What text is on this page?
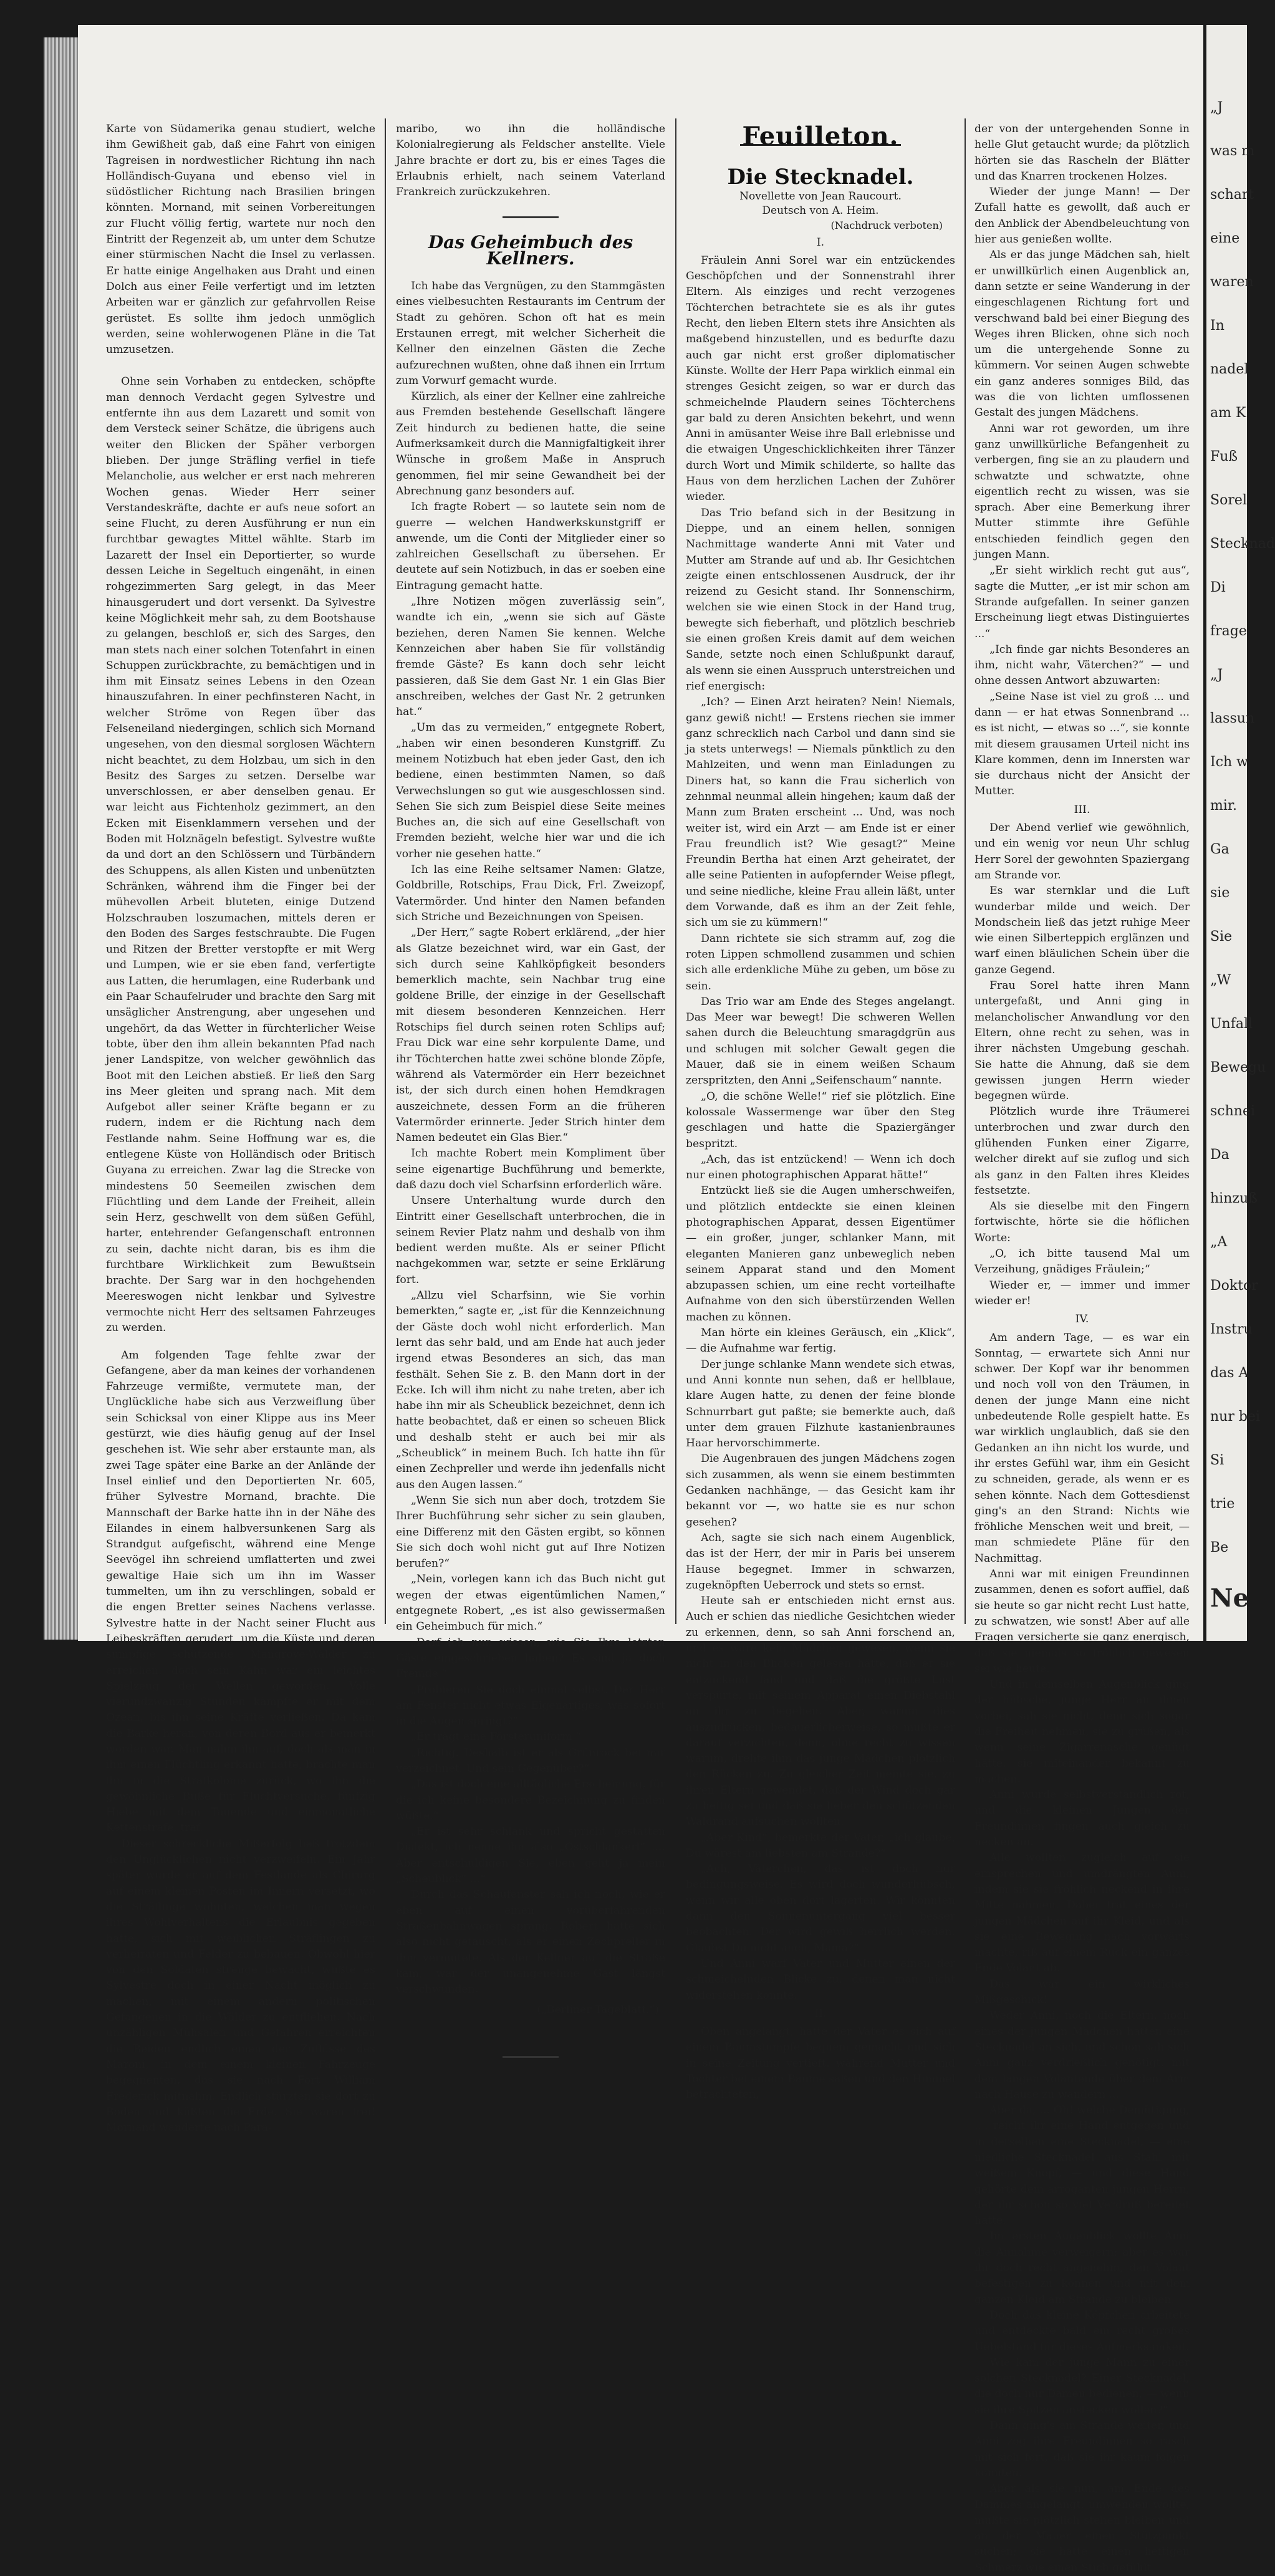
Karte von Südamerika genau studiert, welche ihm Gewißheit gab, daß eine Fahrt von einigen Tagreisen in nordwestlicher Richtung ihn nach Holländisch-Guyana und ebenso viel in südöstlicher Richtung nach Brasilien bringen könnten. Mornand, mit seinen Vorbereitungen zur Flucht völlig fertig, wartete nur noch den Eintritt der Regenzeit ab, um unter dem Schutze einer stürmischen Nacht die Insel zu verlassen. Er hatte einige Angelhaken aus Draht und einen Dolch aus einer Feile verfertigt und im letzten Arbeiten war er gänzlich zur gefahrvollen Reise gerüstet. Es sollte ihm jedoch unmöglich werden, seine wohlerwogenen Pläne in die Tat umzusetzen.

Ohne sein Vorhaben zu entdecken, schöpfte man dennoch Verdacht gegen Sylvestre und entfernte ihn aus dem Lazarett und somit von dem Versteck seiner Schätze, die übrigens auch weiter den Blicken der Späher verborgen blieben. Der junge Sträfling verfiel in tiefe Melancholie, aus welcher er erst nach mehreren Wochen genas. Wieder Herr seiner Verstandeskräfte, dachte er aufs neue sofort an seine Flucht, zu deren Ausführung er nun ein furchtbar gewagtes Mittel wählte. Starb im Lazarett der Insel ein Deportierter, so wurde dessen Leiche in Segeltuch eingenäht, in einen rohgezimmerten Sarg gelegt, in das Meer hinausgerudert und dort versenkt. Da Sylvestre keine Möglichkeit mehr sah, zu dem Bootshause zu gelangen, beschloß er, sich des Sarges, den man stets nach einer solchen Totenfahrt in einen Schuppen zurückbrachte, zu bemächtigen und in ihm mit Einsatz seines Lebens in den Ozean hinauszufahren. In einer pechfinsteren Nacht, in welcher Ströme von Regen über das Felseneiland niedergingen, schlich sich Mornand ungesehen, von den diesmal sorglosen Wächtern nicht beachtet, zu dem Holzbau, um sich in den Besitz des Sarges zu setzen. Derselbe war unverschlossen, er aber denselben genau. Er war leicht aus Fichtenholz gezimmert, an den Ecken mit Eisenklammern versehen und der Boden mit Holznägeln befestigt. Sylvestre wußte da und dort an den Schlössern und Türbändern des Schuppens, als allen Kisten und unbenützten Schränken, während ihm die Finger bei der mühevollen Arbeit bluteten, einige Dutzend Holzschrauben loszumachen, mittels deren er den Boden des Sarges festschraubte. Die Fugen und Ritzen der Bretter verstopfte er mit Werg und Lumpen, wie er sie eben fand, verfertigte aus Latten, die herumlagen, eine Ruderbank und ein Paar Schaufelruder und brachte den Sarg mit unsäglicher Anstrengung, aber ungesehen und ungehört, da das Wetter in fürchterlicher Weise tobte, über den ihm allein bekannten Pfad nach jener Landspitze, von welcher gewöhnlich das Boot mit den Leichen abstieß. Er ließ den Sarg ins Meer gleiten und sprang nach. Mit dem Aufgebot aller seiner Kräfte begann er zu rudern, indem er die Richtung nach dem Festlande nahm. Seine Hoffnung war es, die entlegene Küste von Holländisch oder Britisch Guyana zu erreichen. Zwar lag die Strecke von mindestens 50 Seemeilen zwischen dem Flüchtling und dem Lande der Freiheit, allein sein Herz, geschwellt von dem süßen Gefühl, harter, entehrender Gefangenschaft entronnen zu sein, dachte nicht daran, bis es ihm die furchtbare Wirklichkeit zum Bewußtsein brachte. Der Sarg war in den hochgehenden Meereswogen nicht lenkbar und Sylvestre vermochte nicht Herr des seltsamen Fahrzeuges zu werden.

Am folgenden Tage fehlte zwar der Gefangene, aber da man keines der vorhandenen Fahrzeuge vermißte, vermutete man, der Unglückliche habe sich aus Verzweiflung über sein Schicksal von einer Klippe aus ins Meer gestürzt, wie dies häufig genug auf der Insel geschehen ist. Wie sehr aber erstaunte man, als zwei Tage später eine Barke an der Anlände der Insel einlief und den Deportierten Nr. 605, früher Sylvestre Mornand, brachte. Die Mannschaft der Barke hatte ihn in der Nähe des Eilandes in einem halbversunkenen Sarg als Strandgut aufgefischt, während eine Menge Seevögel ihn schreiend umflatterten und zwei gewaltige Haie sich um ihn im Wasser tummelten, um ihn zu verschlingen, sobald er die engen Bretter seines Nachens verlasse. Sylvestre hatte in der Nacht seiner Flucht aus Leibeskräften gerudert, um die Küste und deren sumpfige schützende Mangrove-Wälder zu erreichen, doch sein Kahn war ein leichtes Spielzeug der Wellen geworden. Volle vierundzwanzig Stunden kämpfte er mit dem Ozean, bis ihn seine Kräfte verließen. Da kam die Barke heran, von deren Bord aus er bemerkt worden war. Man nahm ihn auf, doch als man in ihm einen Flüchtling erkannt hatte, brachte man ihn in die Strafkolonie zurück, wo ihn die gewöhnliche Buße für Fluchtversuche, fünfzig Hiebe mit dem Tauende und einmonatliche Kettenstrafe, traf.

Dieser schreckliche Mißerfolg ließ trotzdem den Unglücklichen nicht verzweifeln. Ein Jahr später wurde er auf dem Festlande als Chirurg auf einem kleinen Posten im Innern versetzt, wo die Sträflinge wohnten, welchen man wegen ihres Wohlverhaltens die Erlaubnis gegeben hatte, sich mit weiblichen Sträflingen zu verheiraten und Felder zu bebauen. Obwohl hier von den Soldaten strenge bewacht, wußte es Sylvestre doch in einer Nacht möglich zu machen, mit einem andern politischen Gefangenen in die Wälder zu entfliehen. Nach unzähligen Mühsalen und Gefahren erreichten die Beiden endlich einen der Zuflüsse des Maroni, in dem einem kleinen Fahrzeuge begegnenten, das sie nach Fort William Frederick mitnahm. Endlich stürzten sie dort zu Boden und küßten die Erde. Sie waren frei! Mornand wanderte nach Para-

maribo, wo ihn die holländische Kolonialregierung als Feldscher anstellte. Viele Jahre brachte er dort zu, bis er eines Tages die Erlaubnis erhielt, nach seinem Vaterland Frankreich zurückzukehren.

Das Geheimbuch des Kellners.

Ich habe das Vergnügen, zu den Stammgästen eines vielbesuchten Restaurants im Centrum der Stadt zu gehören. Schon oft hat es mein Erstaunen erregt, mit welcher Sicherheit die Kellner den einzelnen Gästen die Zeche aufzurechnen wußten, ohne daß ihnen ein Irrtum zum Vorwurf gemacht wurde.

Kürzlich, als einer der Kellner eine zahlreiche aus Fremden bestehende Gesellschaft längere Zeit hindurch zu bedienen hatte, die seine Aufmerksamkeit durch die Mannigfaltigkeit ihrer Wünsche in großem Maße in Anspruch genommen, fiel mir seine Gewandheit bei der Abrechnung ganz besonders auf.

Ich fragte Robert — so lautete sein nom de guerre — welchen Handwerkskunstgriff er anwende, um die Conti der Mitglieder einer so zahlreichen Gesellschaft zu übersehen. Er deutete auf sein Notizbuch, in das er soeben eine Eintragung gemacht hatte.

„Ihre Notizen mögen zuverlässig sein“, wandte ich ein, „wenn sie sich auf Gäste beziehen, deren Namen Sie kennen. Welche Kennzeichen aber haben Sie für vollständig fremde Gäste? Es kann doch sehr leicht passieren, daß Sie dem Gast Nr. 1 ein Glas Bier anschreiben, welches der Gast Nr. 2 getrunken hat.“

„Um das zu vermeiden,“ entgegnete Robert, „haben wir einen besonderen Kunstgriff. Zu meinem Notizbuch hat eben jeder Gast, den ich bediene, einen bestimmten Namen, so daß Verwechslungen so gut wie ausgeschlossen sind. Sehen Sie sich zum Beispiel diese Seite meines Buches an, die sich auf eine Gesellschaft von Fremden bezieht, welche hier war und die ich vorher nie gesehen hatte.“

Ich las eine Reihe seltsamer Namen: Glatze, Goldbrille, Rotschips, Frau Dick, Frl. Zweizopf, Vatermörder. Und hinter den Namen befanden sich Striche und Bezeichnungen von Speisen.

„Der Herr,“ sagte Robert erklärend, „der hier als Glatze bezeichnet wird, war ein Gast, der sich durch seine Kahlköpfigkeit besonders bemerklich machte, sein Nachbar trug eine goldene Brille, der einzige in der Gesellschaft mit diesem besonderen Kennzeichen. Herr Rotschips fiel durch seinen roten Schlips auf; Frau Dick war eine sehr korpulente Dame, und ihr Töchterchen hatte zwei schöne blonde Zöpfe, während als Vatermörder ein Herr bezeichnet ist, der sich durch einen hohen Hemdkragen auszeichnete, dessen Form an die früheren Vatermörder erinnerte. Jeder Strich hinter dem Namen bedeutet ein Glas Bier.“

Ich machte Robert mein Kompliment über seine eigenartige Buchführung und bemerkte, daß dazu doch viel Scharfsinn erforderlich wäre.

Unsere Unterhaltung wurde durch den Eintritt einer Gesellschaft unterbrochen, die in seinem Revier Platz nahm und deshalb von ihm bedient werden mußte. Als er seiner Pflicht nachgekommen war, setzte er seine Erklärung fort.

„Allzu viel Scharfsinn, wie Sie vorhin bemerkten,“ sagte er, „ist für die Kennzeichnung der Gäste doch wohl nicht erforderlich. Man lernt das sehr bald, und am Ende hat auch jeder irgend etwas Besonderes an sich, das man festhält. Sehen Sie z. B. den Mann dort in der Ecke. Ich will ihm nicht zu nahe treten, aber ich habe ihn mir als Scheublick bezeichnet, denn ich hatte beobachtet, daß er einen so scheuen Blick und deshalb steht er auch bei mir als „Scheublick“ in meinem Buch. Ich hatte ihn für einen Zechpreller und werde ihn jedenfalls nicht aus den Augen lassen.“

„Wenn Sie sich nun aber doch, trotzdem Sie Ihrer Buchführung sehr sicher zu sein glauben, eine Differenz mit den Gästen ergibt, so können Sie sich doch wohl nicht gut auf Ihre Notizen berufen?“

„Nein, vorlegen kann ich das Buch nicht gut wegen der etwas eigentümlichen Namen,“ entgegnete Robert, „es ist also gewissermaßen ein Geheimbuch für mich.“

„Darf ich nun wissen, wie Sie Ihre letzten Gäste eingeschrieben haben? Es sind ja doch Fremde.“

„Probieren Sie doch einmal selbst. Der Herr am Fenster nicht etwas Eigenartiges, was sofort in die Augen springt?“

„Er trägt eine Försteruniform.“

„Richtig. Deshalb ist er als Grünrock bei mir verzeichnet. Und sein Gegenüber?“

„Das ist doch eine alltägliche Erscheinung, für die ich keine besondere Bezeichnung zu finden wüßte.“

„Er ist sehr schlank und spricht gestatten Dialekt, ich nenne ihn also „Ostschlankerl“ .... Aber entschuldigen Sie, eben geht ja mein „Scheublick“ ...“

Durch das Schaufenster sah ich noch, wie er eben auf einen vorüberfahrenden Straßenbahnwagen sprang. Robert hatte sich also nicht getäuscht, als er einen Zechpreller in ihm vermutete. Als der Kellner auf die Straße kam, war der unangenehme Gast längst verschwunden.

(„Berliner Tageblatt.“)
Feuilleton.
Die Stecknadel.
Novellette von Jean Raucourt.
Deutsch von A. Heim.
(Nachdruck verboten)
I.

Fräulein Anni Sorel war ein entzückendes Geschöpfchen und der Sonnenstrahl ihrer Eltern. Als einziges und recht verzogenes Töchterchen betrachtete sie es als ihr gutes Recht, den lieben Eltern stets ihre Ansichten als maßgebend hinzustellen, und es bedurfte dazu auch gar nicht erst großer diplomatischer Künste. Wollte der Herr Papa wirklich einmal ein strenges Gesicht zeigen, so war er durch das schmeichelnde Plaudern seines Töchterchens gar bald zu deren Ansichten bekehrt, und wenn Anni in amüsanter Weise ihre Ball erlebnisse und die etwaigen Ungeschicklichkeiten ihrer Tänzer durch Wort und Mimik schilderte, so hallte das Haus von dem herzlichen Lachen der Zuhörer wieder.

Das Trio befand sich in der Besitzung in Dieppe, und an einem hellen, sonnigen Nachmittage wanderte Anni mit Vater und Mutter am Strande auf und ab. Ihr Gesichtchen zeigte einen entschlossenen Ausdruck, der ihr reizend zu Gesicht stand. Ihr Sonnenschirm, welchen sie wie einen Stock in der Hand trug, bewegte sich fieberhaft, und plötzlich beschrieb sie einen großen Kreis damit auf dem weichen Sande, setzte noch einen Schlußpunkt darauf, als wenn sie einen Ausspruch unterstreichen und rief energisch:

„Ich? — Einen Arzt heiraten? Nein! Niemals, ganz gewiß nicht! — Erstens riechen sie immer ganz schrecklich nach Carbol und dann sind sie ja stets unterwegs! — Niemals pünktlich zu den Mahlzeiten, und wenn man Einladungen zu Diners hat, so kann die Frau sicherlich von zehnmal neunmal allein hingehen; kaum daß der Mann zum Braten erscheint ... Und, was noch weiter ist, wird ein Arzt — am Ende ist er einer Frau freundlich ist? Wie gesagt?“ Meine Freundin Bertha hat einen Arzt geheiratet, der alle seine Patienten in aufopfernder Weise pflegt, und seine niedliche, kleine Frau allein läßt, unter dem Vorwande, daß es ihm an der Zeit fehle, sich um sie zu kümmern!“

Dann richtete sie sich stramm auf, zog die roten Lippen schmollend zusammen und schien sich alle erdenkliche Mühe zu geben, um böse zu sein.

Das Trio war am Ende des Steges angelangt. Das Meer war bewegt! Die schweren Wellen sahen durch die Beleuchtung smaragdgrün aus und schlugen mit solcher Gewalt gegen die Mauer, daß sie in einem weißen Schaum zerspritzten, den Anni „Seifenschaum“ nannte.

„O, die schöne Welle!“ rief sie plötzlich. Eine kolossale Wassermenge war über den Steg geschlagen und hatte die Spaziergänger bespritzt.

„Ach, das ist entzückend! — Wenn ich doch nur einen photographischen Apparat hätte!“

Entzückt ließ sie die Augen umherschweifen, und plötzlich entdeckte sie einen kleinen photographischen Apparat, dessen Eigentümer — ein großer, junger, schlanker Mann, mit eleganten Manieren ganz unbeweglich neben seinem Apparat stand und den Moment abzupassen schien, um eine recht vorteilhafte Aufnahme von den sich überstürzenden Wellen machen zu können.

Man hörte ein kleines Geräusch, ein „Klick“, — die Aufnahme war fertig.

Der junge schlanke Mann wendete sich etwas, und Anni konnte nun sehen, daß er hellblaue, klare Augen hatte, zu denen der feine blonde Schnurrbart gut paßte; sie bemerkte auch, daß unter dem grauen Filzhute kastanienbraunes Haar hervorschimmerte.

Die Augenbrauen des jungen Mädchens zogen sich zusammen, als wenn sie einem bestimmten Gedanken nachhänge, — das Gesicht kam ihr bekannt vor —, wo hatte sie es nur schon gesehen?

Ach, sagte sie sich nach einem Augenblick, das ist der Herr, der mir in Paris bei unserem Hause begegnet. Immer in schwarzen, zugeknöpften Ueberrock und stets so ernst.

Heute sah er entschieden nicht ernst aus. Auch er schien das niedliche Gesichtchen wieder zu erkennen, denn, so sah Anni forschend an, und es wäre kein Mädchen gewesen, wenn sie nicht in den Blicken gelesen hätte, daß er sie entzückend fand und daß die größte Lust verspürte, mit seinem Apparat einen Diebstahl an ihr zu begehen. Aber, warum dies auszudrücken, bedauerlicherweise, so mußte er darauf verzichten, denn, ohne recht zu wissen warum, drehte ihm das junge Mädchen plötzlich den Rücken zu. Zu gleicher Zeit meinte sie, zu ihren Eltern gewendet, daß der Wind doch gar zu heftig sei und daß sie lieber den schützenden Waldrand aufsuchen wollten.

„Aber Kind“, bemerkte der Vater, „ich glaube, Du wärest am liebsten am Strande?“

„Ach, Väterchen, das ist doch nur bedingungsweise. Es wird doch wunderhübsch, wenn wir alle oben dort lagerten. Wir könnten dann den Sonnenuntergang viel besser beobachten. Der wird gewiß herrlich werden. Glaubst Du nicht auch, Mama?“

Und Anni warf Vater und Mutter einen der schmeichelnden Blicke zu, denen man nicht widerstehen konnte.

II.

Oben angelangt, hatte der Vater es sich auf einem Baumstumpfe bequem gemacht und sich in seine Zeitung vertieft, während Mutter und Tochter bei einem Baume saßen und den Himmel betrachteten,

der von der untergehenden Sonne in helle Glut getaucht wurde; da plötzlich hörten sie das Rascheln der Blätter und das Knarren trockenen Holzes.

Wieder der junge Mann! — Der Zufall hatte es gewollt, daß auch er den Anblick der Abendbeleuchtung von hier aus genießen wollte.

Als er das junge Mädchen sah, hielt er unwillkürlich einen Augenblick an, dann setzte er seine Wanderung in der eingeschlagenen Richtung fort und verschwand bald bei einer Biegung des Weges ihren Blicken, ohne sich noch um die untergehende Sonne zu kümmern. Vor seinen Augen schwebte ein ganz anderes sonniges Bild, das was die von lichten umflossenen Gestalt des jungen Mädchens.

Anni war rot geworden, um ihre ganz unwillkürliche Befangenheit zu verbergen, fing sie an zu plaudern und schwatzte und schwatzte, ohne eigentlich recht zu wissen, was sie sprach. Aber eine Bemerkung ihrer Mutter stimmte ihre Gefühle entschieden feindlich gegen den jungen Mann.

„Er sieht wirklich recht gut aus“, sagte die Mutter, „er ist mir schon am Strande aufgefallen. In seiner ganzen Erscheinung liegt etwas Distinguiertes ...“

„Ich finde gar nichts Besonderes an ihm, nicht wahr, Väterchen?“ — und ohne dessen Antwort abzuwarten:

„Seine Nase ist viel zu groß ... und dann — er hat etwas Sonnenbrand ... es ist nicht, — etwas so ...“, sie konnte mit diesem grausamen Urteil nicht ins Klare kommen, denn im Innersten war sie durchaus nicht der Ansicht der Mutter.

III.

Der Abend verlief wie gewöhnlich, und ein wenig vor neun Uhr schlug Herr Sorel der gewohnten Spaziergang am Strande vor.

Es war sternklar und die Luft wunderbar milde und weich. Der Mondschein ließ das jetzt ruhige Meer wie einen Silberteppich erglänzen und warf einen bläulichen Schein über die ganze Gegend.

Frau Sorel hatte ihren Mann untergefaßt, und Anni ging in melancholischer Anwandlung vor den Eltern, ohne recht zu sehen, was in ihrer nächsten Umgebung geschah. Sie hatte die Ahnung, daß sie dem gewissen jungen Herrn wieder begegnen würde.

Plötzlich wurde ihre Träumerei unterbrochen und zwar durch den glühenden Funken einer Zigarre, welcher direkt auf sie zuflog und sich als ganz in den Falten ihres Kleides festsetzte.

Als sie dieselbe mit den Fingern fortwischte, hörte sie die höflichen Worte:

„O, ich bitte tausend Mal um Verzeihung, gnädiges Fräulein;“

Wieder er, — immer und immer wieder er!

IV.

Am andern Tage, — es war ein Sonntag, — erwartete sich Anni nur schwer. Der Kopf war ihr benommen und noch voll von den Träumen, in denen der junge Mann eine nicht unbedeutende Rolle gespielt hatte. Es war wirklich unglaublich, daß sie den Gedanken an ihn nicht los wurde, und ihr erstes Gefühl war, ihm ein Gesicht zu schneiden, gerade, als wenn er es sehen könnte. Nach dem Gottesdienst ging's an den Strand: Nichts wie fröhliche Menschen weit und breit, — man schmiedete Pläne für den Nachmittag.

Anni war mit einigen Freundinnen zusammen, denen es sofort auffiel, daß sie heute so gar nicht recht Lust hatte, zu schwatzen, wie sonst! Aber auf alle Fragen versicherte sie ganz energisch, daß sie niemals so fröhlich gewesen sei wie heute.

Und in demselben Augenblick ging der hübsche, junge Herr an ihnen vorbei, sah sie nicht, denn sich sogar die Freiheit nehmen, sie zu grüßen, als wenn seine Zigarrenasche genügt hätte, sie miteinander bekannt zu machen.

Anni wurde selbstverständlich rot, und die kleinen Jungen der Freundinnen fingen auch gleich zu necken an.

Alle wollten zugleich auf sie einsprechen und umdrängten Anni, indem sie sie fröhlich neckend in ihre Mitte nahmen. Dabei trat eines der jungen Mädchen auf ihr Kleid, und als sie eine Bewegung nach vorwärts machte, riß auf einem Ruck ein ganzes Ende Volant ab.

Das war ein wirkliches Mißgeschick!

Weder Anni, noch die Eltern, noch eines der jungen Mädchen hatten eine Stecknadel an sich, und schon sah sich Anni ganz verdrießlich genötigt, mit dem langen Volantende über dem Arm nach Hause zu wandern ...

Aber da, ... Oh! welche Demütigung, .... reicht ihr eine Hand entgegen und in derselben eine Stecknadel, — eine niedliche Stecknadel aus Stahl mit weißem Knopf, — und diese Hand gehörte dem arroganten jungen Herrn, der ihr schon so viel Verdruß bereitet hatte.

Im ersten Augenblick wollte Anni die Annahme verweigern; aber es war ihr doch recht angenehm, den Volant befestigen zu können und mit dem ganzen Kleid am Strande zu bleiben.

Doch das kleine Köpfchen arbeitete und entdeckte bald ein recht großes Uebelstand für dieses Aufmerksamkeit.

Wie kam der junge Mann zu einer solchen Stecknadel? Einer Stecknadel, die doch nur Damen bedienen, — wenn sie ihre Spitzen anstecken wollen?“

Dann ging's am Strande weiter, und Anni zog ihre Freundinnen so rasch mit sich fort, daß sie ihr kaum folgen konnten.

Aber als sie nun, am Ende des Dammes angelangt, umwenden wollte, mußte sie plötzlich stehen bleiben und an der Mauer einen Stützpunkt suchen; sie hatte einen heftigen Schmerz wie einen Stich gefühlt.

„J
was m
schart
eine
waren
In
nadel
am K
Fuß
Sorel
Stecknad
Di
frage
„J
lassun
Ich w
mir.
Ga
sie
Sie
„W
Unfall
Bewegu
schnei
Da
hinzuß
„A
Doktor
Instru
das A
nur bei
Si
trie
Be
Ne
